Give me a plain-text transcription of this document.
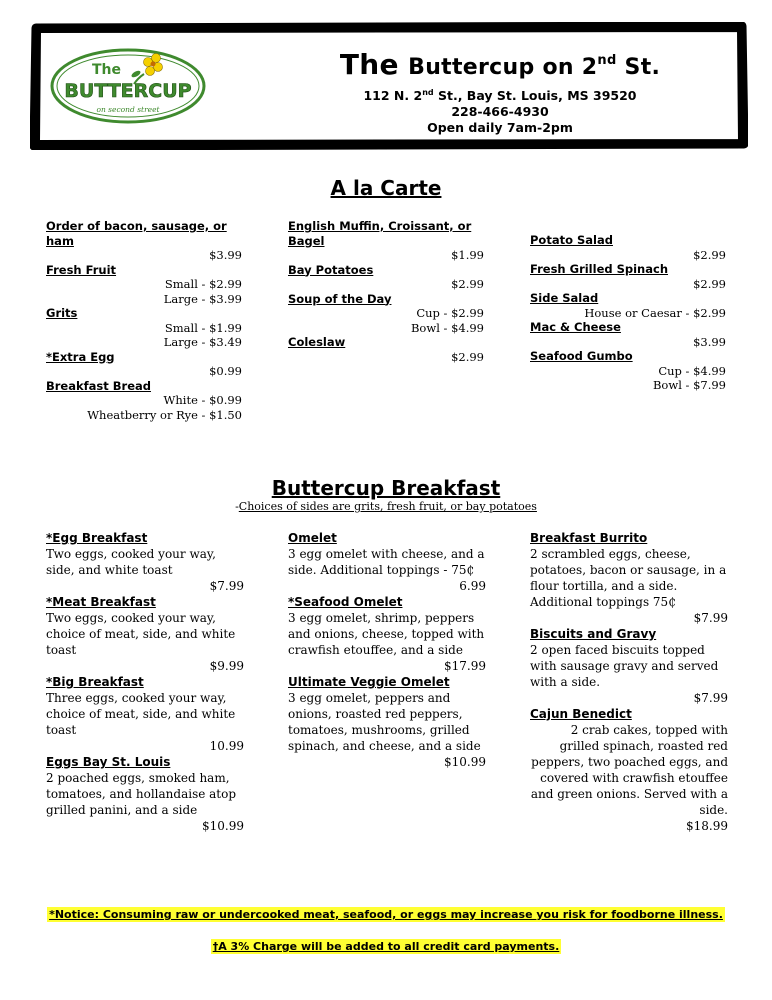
The
BUTTERCUP
on second street
The Buttercup on 2nd St.
112 N. 2nd St., Bay St. Louis, MS 39520
228-466-4930
Open daily 7am-2pm
A la Carte
Order of bacon, sausage, or ham
$3.99
Fresh Fruit
Small - $2.99
Large - $3.99
Grits
Small - $1.99
Large - $3.49
*Extra Egg
$0.99
Breakfast Bread
White - $0.99
Wheatberry or Rye - $1.50
English Muffin, Croissant, or Bagel
$1.99
Bay Potatoes
$2.99
Soup of the Day
Cup - $2.99
Bowl - $4.99
Coleslaw
$2.99
Potato Salad
$2.99
Fresh Grilled Spinach
$2.99
Side Salad
House or Caesar - $2.99
Mac & Cheese
$3.99
Seafood Gumbo
Cup - $4.99
Bowl - $7.99
Buttercup Breakfast
-Choices of sides are grits, fresh fruit, or bay potatoes
*Egg Breakfast
Two eggs, cooked your way, side, and white toast
$7.99
*Meat Breakfast
Two eggs, cooked your way, choice of meat, side, and white toast
$9.99
*Big Breakfast
Three eggs, cooked your way, choice of meat, side, and white toast
10.99
Eggs Bay St. Louis
2 poached eggs, smoked ham, tomatoes, and hollandaise atop grilled panini, and a side
$10.99
Omelet
3 egg omelet with cheese, and a side. Additional toppings - 75₵
6.99
*Seafood Omelet
3 egg omelet, shrimp, peppers and onions, cheese, topped with crawfish etouffee, and a side
$17.99
Ultimate Veggie Omelet
3 egg omelet, peppers and onions, roasted red peppers, tomatoes, mushrooms, grilled spinach, and cheese, and a side
$10.99
Breakfast Burrito
2 scrambled eggs, cheese, potatoes, bacon or sausage, in a flour tortilla, and a side. Additional toppings 75₵
$7.99
Biscuits and Gravy
2 open faced biscuits topped with sausage gravy and served with a side.
$7.99
Cajun Benedict
2 crab cakes, topped with grilled spinach, roasted red peppers, two poached eggs, and covered with crawfish etouffee and green onions. Served with a side.
$18.99
*Notice: Consuming raw or undercooked meat, seafood, or eggs may increase you risk for foodborne illness.
†A 3% Charge will be added to all credit card payments.
